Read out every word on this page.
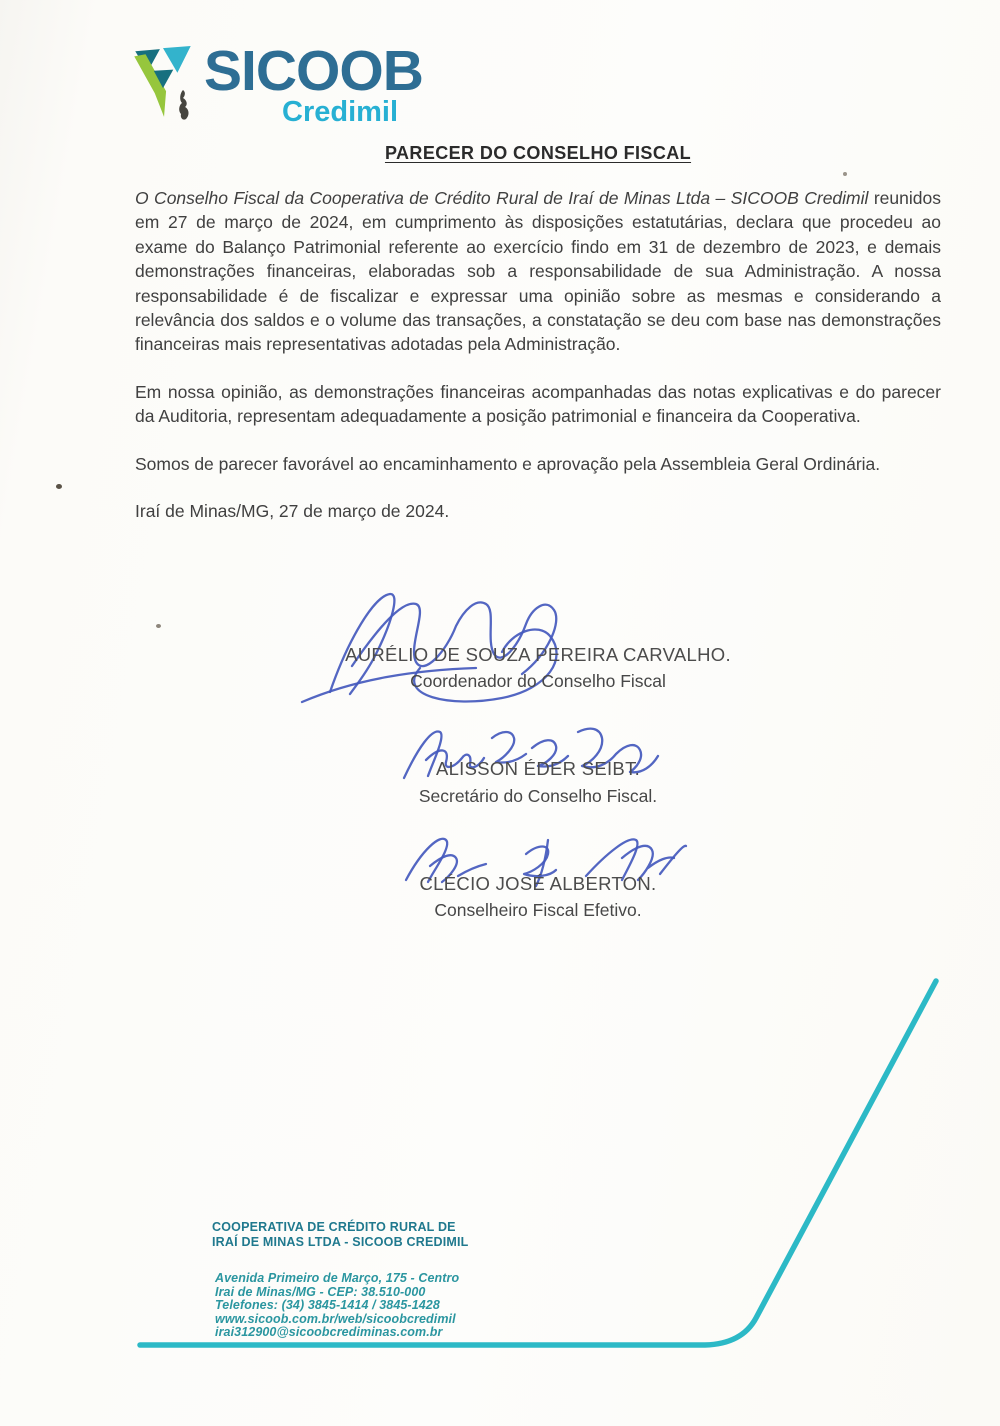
SICOOB
Credimil
PARECER DO CONSELHO FISCAL

O Conselho Fiscal da Cooperativa de Crédito Rural de Iraí de Minas Ltda – SICOOB Credimil reunidos em 27 de março de 2024, em cumprimento às disposições estatutárias, declara que procedeu ao exame do Balanço Patrimonial referente ao exercício findo em 31 de dezembro de 2023, e demais demonstrações financeiras, elaboradas sob a responsabilidade de sua Administração. A nossa responsabilidade é de fiscalizar e expressar uma opinião sobre as mesmas e considerando a relevância dos saldos e o volume das transações, a constatação se deu com base nas demonstrações financeiras mais representativas adotadas pela Administração.

Em nossa opinião, as demonstrações financeiras acompanhadas das notas explicativas e do parecer da Auditoria, representam adequadamente a posição patrimonial e financeira da Cooperativa.

Somos de parecer favorável ao encaminhamento e aprovação pela Assembleia Geral Ordinária.

Iraí de Minas/MG, 27 de março de 2024.

AURÉLIO DE SOUZA PEREIRA CARVALHO.
Coordenador do Conselho Fiscal
ALISSON ÉDER SEIBT.
Secretário do Conselho Fiscal.
CLÉCIO JOSÉ ALBERTON.
Conselheiro Fiscal Efetivo.
COOPERATIVA DE CRÉDITO RURAL DE
IRAÍ DE MINAS LTDA - SICOOB CREDIMIL
Avenida Primeiro de Março, 175 - Centro
Irai de Minas/MG - CEP: 38.510-000
Telefones: (34) 3845-1414 / 3845-1428
www.sicoob.com.br/web/sicoobcredimil
irai312900@sicoobcrediminas.com.br
